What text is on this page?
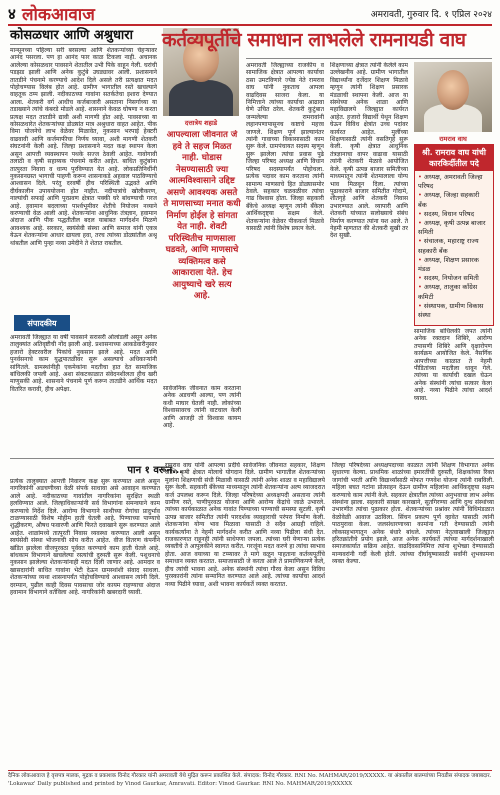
४ लोकआवाज	अमरावती, गुरुवार दि. १ एप्रिल २०२४
कोसळधार आणि अश्रुधारा
मान्सूनच्या पहिल्या सरी बरसल्या आणि शेतकऱ्यांच्या चेहऱ्यावर आनंद पसरला. पण हा आनंद फार काळ टिकला नाही. अचानक आलेल्या कोसळधार पावसाने शेतातील उभी पिके वाहून गेली. घरांची पडझड झाली आणि अनेक कुटुंबे उघड्यावर आली. प्रशासनाने तातडीने पंचनामे करण्याचे आदेश दिले असले तरी प्रत्यक्षात मदत पोहोचण्यास विलंब होत आहे. ग्रामीण भागातील रस्ते खचल्याने वाहतूक ठप्प झाली. नदीकाठच्या गावांना सतर्कतेचा इशारा देण्यात आला. शेतकरी वर्ग आधीच कर्जबाजारी असताना निसर्गाच्या या तडाख्याने त्यांचे कंबरडे मोडले आहे. शासनाने केवळ घोषणा न करता प्रत्यक्ष मदत तातडीने द्यावी अशी मागणी होत आहे. पावसाच्या या कोसळधारेत शेतकऱ्यांच्या डोळ्यांत मात्र अश्रुधारा वाहत आहेत. पीक विमा योजनेचे लाभ वेळेवर मिळावेत, नुकसान भरपाई हेक्टरी वाढवावी आणि कर्जमाफीचा निर्णय घ्यावा, अशी मागणी शेतकरी संघटनांनी केली आहे. जिल्हा प्रशासनाने मदत कक्ष स्थापन केला असून आपत्ती व्यवस्थापन पथके सज्ज ठेवली आहेत. गावोगावी तलाठी व कृषी सहाय्यक पंचनामे करीत आहेत. बाधित कुटुंबांना तात्पुरता निवारा व धान्य पुरविण्यात येत आहे. लोकप्रतिनिधींनी नुकसानग्रस्त भागाची पाहणी करून शासनाकडे अहवाल पाठविण्याचे आश्वासन दिले. परंतु दरवर्षी हीच परिस्थिती उद्भवते आणि दीर्घकालीन उपाययोजना होत नाहीत. नदीपात्रांचे खोलीकरण, नाल्यांची सफाई आणि पूरप्रवण क्षेत्रात पक्की घरे बांधण्याची गरज आहे. हवामान बदलाच्या पार्श्वभूमीवर शेतीचे नियोजन नव्याने करण्याची वेळ आली आहे. शेतकऱ्यांना आधुनिक तंत्रज्ञान, हवामान अंदाज आणि पीक पद्धतीतील बदल याबाबत मार्गदर्शन मिळणे आवश्यक आहे. सरकार, स्वयंसेवी संस्था आणि समाज यांनी एकत्र येऊन शेतकऱ्यांना आधार द्यायला हवा, तरच त्यांच्या डोळ्यांतील अश्रू थांबतील आणि पुन्हा नव्या उमेदीने ते शेतात राबतील.
संपादकीय
अमरावती जिल्ह्यात या वर्षी पावसाने सरासरी ओलांडली असून अनेक तालुक्यांत अतिवृष्टीची नोंद झाली आहे. प्रशासनाच्या आकडेवारीनुसार हजारो हेक्टरवरील पिकांचे नुकसान झाले आहे. मदत आणि पुनर्वसनाचे काम युद्धपातळीवर सुरू असल्याचे अधिकाऱ्यांनी सांगितले. ग्रामस्थांनीही एकमेकांना मदतीचा हात देत सामाजिक बांधिलकी जपली आहे. अशा संकटकाळात संवेदनशीलता हीच खरी माणुसकी आहे. शासनाने पंचनामे पूर्ण करून तातडीने आर्थिक मदत वितरित करावी, हीच अपेक्षा.
पान १ वरून...
प्रत्येक तालुक्यात आपत्ती निवारण कक्ष सुरू करण्यात आले असून नागरिकांनी अडचणीच्या वेळी संपर्क साधावा असे आवाहन करण्यात आले आहे. नदीकाठच्या गावांतील नागरिकांना सुरक्षित स्थळी हलविण्यात आले. जिल्हाधिकाऱ्यांनी सर्व विभागांना समन्वयाने काम करण्याचे निर्देश दिले. आरोग्य विभागाने साथीच्या रोगांचा प्रादुर्भाव टाळण्यासाठी विशेष मोहीम हाती घेतली आहे. पिण्याच्या पाण्याचे शुद्धीकरण, औषध फवारणी आणि फिरते दवाखाने सुरू करण्यात आले आहेत. शाळांमध्ये तात्पुरती निवास व्यवस्था करण्यात आली असून स्वयंसेवी संस्था भोजनाची सोय करीत आहेत. वीज वितरण कंपनीने खंडित झालेला वीजपुरवठा पूर्ववत करण्याचे काम हाती घेतले आहे. बांधकाम विभागाने खचलेल्या रस्त्यांची दुरुस्ती सुरू केली. पशुधनाचे नुकसान झालेल्या शेतकऱ्यांनाही मदत दिली जाणार आहे. आमदार व खासदारांनी बाधित गावांना भेटी देऊन ग्रामस्थांशी संवाद साधला. शेतकऱ्यांच्या व्यथा शासनापर्यंत पोहोचविण्याचे आश्वासन त्यांनी दिले. दरम्यान, पुढील काही दिवस पावसाचा जोर कायम राहण्याचा अंदाज हवामान विभागाने वर्तविला आहे. नागरिकांनी खबरदारी घ्यावी.
रामराव वाघ यांनी आपल्या प्रदीर्घ सार्वजनिक जीवनात सहकार, शिक्षण आणि कृषी क्षेत्रात मोलाचे योगदान दिले. ग्रामीण भागातील शेतकऱ्यांच्या मुलांना शिक्षणाची संधी मिळावी यासाठी त्यांनी अनेक शाळा व महाविद्यालये सुरू केली. सहकारी बँकेच्या माध्यमातून त्यांनी शेतकऱ्यांना अल्प व्याजदरात कर्ज उपलब्ध करून दिले. जिल्हा परिषदेच्या अध्यक्षपदी असताना त्यांनी ग्रामीण रस्ते, पाणीपुरवठा योजना आणि आरोग्य केंद्रांचे जाळे उभारले. त्यांच्या कार्यकाळात अनेक गावांत पिण्याच्या पाण्याची समस्या सुटली. कृषी उत्पन्न बाजार समितीत त्यांनी पारदर्शक व्यवहाराची परंपरा निर्माण केली. शेतकऱ्यांना योग्य भाव मिळावा यासाठी ते सदैव आग्रही राहिले. कार्यकर्त्यांना ते नेहमी मार्गदर्शन करीत आणि नव्या पिढीला संधी देत. राजकारणात राहूनही त्यांनी साधेपणा जपला. त्यांच्या घरी येणाऱ्या प्रत्येक व्यक्तीचे ते आपुलकीने स्वागत करीत. गरजूंना मदत करणे हा त्यांचा स्वभाव होता. आज वयाच्या या टप्प्यावर ते मागे वळून पाहताना कर्तव्यपूर्तीचे समाधान व्यक्त करतात. समाजासाठी जे करता आले ते प्रामाणिकपणे केले, हीच त्यांची भावना आहे. अनेक संस्थांनी त्यांचा गौरव केला असून विविध पुरस्कारांनी त्यांना सन्मानित करण्यात आले आहे. त्यांच्या कार्याचा आदर्श नव्या पिढीने घ्यावा, अशी भावना कार्यकर्ते व्यक्त करतात.
जिल्हा परिषदेच्या अध्यक्षपदाच्या काळात त्यांनी शिक्षण विभागात अनेक सुधारणा केल्या. प्राथमिक शाळांच्या इमारतींची दुरुस्ती, शिक्षकांच्या रिक्त जागांची भरती आणि विद्यार्थ्यांसाठी मोफत गणवेश योजना त्यांनी राबविली. महिला बचत गटांना प्रोत्साहन देऊन ग्रामीण महिलांना आर्थिकदृष्ट्या सक्षम करण्याचे काम त्यांनी केले. सहकार क्षेत्रातील त्यांच्या अनुभवाचा लाभ अनेक संस्थांना झाला. सहकारी साखर कारखाने, सूतगिरण्या आणि दुग्ध संस्थांच्या उभारणीत त्यांचा पुढाकार होता. शेतकऱ्यांच्या प्रश्नांवर त्यांनी विधिमंडळात वेळोवेळी आवाज उठविला. सिंचन प्रकल्प पूर्ण व्हावेत यासाठी त्यांनी पाठपुरावा केला. जलसंधारणाच्या कामांना गती देण्यासाठी त्यांनी लोकसहभागातून अनेक बंधारे बांधले. त्यांच्या नेतृत्वाखाली जिल्ह्यात हरितक्रांतीचे प्रयोग झाले. आज अनेक कार्यकर्ते त्यांच्या मार्गदर्शनाखाली समाजकार्यात सक्रिय आहेत. वाढदिवसानिमित्त त्यांना शुभेच्छा देण्यासाठी मान्यवरांनी गर्दी केली होती. त्यांच्या दीर्घायुष्यासाठी सर्वांनी शुभकामना व्यक्त केल्या.
दत्तात्रेय शहाडे
आपल्याला जीवनात जे हवे ते सहज मिळत नाही. घोडास नेसण्यासाठी ज्या आत्मविश्वासाने उद्दिष्ट असणे आवश्यक असते ते माणसाच्या मनात कधी निर्माण होईल हे सांगता येत नाही. शेवटी परिस्थितीच माणसाला घडवते, आणि माणसाचे व्यक्तिमत्व कसे आकाराला येते. हेच आयुष्याचे खरे सत्य आहे.
सार्वजनिक जीवनात काम करताना अनेक अडचणी आल्या, पण त्यांनी कधी माघार घेतली नाही. लोकांच्या विश्वासावरच त्यांनी वाटचाल केली आणि आजही तो विश्वास कायम आहे.
कर्तव्यपूर्तीचे समाधान लाभलेले रामनायडी वाघ
अमरावती जिल्ह्याच्या राजकीय व सामाजिक क्षेत्रात आपल्या कार्याचा ठसा उमटविणारे ज्येष्ठ नेते रामराव वाघ यांनी नुकताच आपला वाढदिवस साजरा केला. या निमित्ताने त्यांच्या कार्याचा आढावा घेणे उचित ठरेल. शेतकरी कुटुंबात जन्मलेल्या रामरावांनी लहानपणापासूनच कष्टाचे महत्त्व जाणले. शिक्षण पूर्ण झाल्यानंतर त्यांनी गावाच्या विकासासाठी काम सुरू केले. ग्रामपंचायत सदस्य म्हणून सुरू झालेला त्यांचा प्रवास पुढे जिल्हा परिषद अध्यक्ष आणि विधान परिषद सदस्यापर्यंत पोहोचला. प्रत्येक पदावर काम करताना त्यांनी सामान्य माणसाचे हित डोळ्यासमोर ठेवले. सहकार चळवळीवर त्यांचा गाढ विश्वास होता. जिल्हा सहकारी बँकेचे अध्यक्ष म्हणून त्यांनी बँकेला आर्थिकदृष्ट्या सक्षम केले. शेतकऱ्यांना वेळेवर पीककर्ज मिळावे यासाठी त्यांनी विशेष प्रयत्न केले.
शिक्षणाच्या क्षेत्रात त्यांनी केलेले काम उल्लेखनीय आहे. ग्रामीण भागातील विद्यार्थ्यांना दर्जेदार शिक्षण मिळावे म्हणून त्यांनी शिक्षण प्रसारक मंडळाची स्थापना केली. आज या संस्थेच्या अनेक शाळा आणि महाविद्यालये जिल्ह्यात कार्यरत आहेत. हजारो विद्यार्थी येथून शिक्षण घेऊन विविध क्षेत्रांत उच्च पदांवर कार्यरत आहेत. मुलींच्या शिक्षणासाठी त्यांनी वसतिगृहे सुरू केली. कृषी क्षेत्रात आधुनिक तंत्रज्ञानाचा वापर वाढावा यासाठी त्यांनी शेतकरी मेळावे आयोजित केले. कृषी उत्पन्न बाजार समितीच्या माध्यमातून त्यांनी शेतमालाला योग्य भाव मिळवून दिला. त्यांच्या पुढाकाराने बाजार समितीत गोदामे, शीतगृहे आणि शेतकरी निवास उभारण्यात आले. व्यापारी आणि शेतकरी यांच्यात सलोख्याचे संबंध निर्माण करण्यात त्यांना यश आले. ते नेहमी म्हणतात की शेतकरी सुखी तर देश सुखी.
रामराव वाघ
श्री. रामराव वाघ यांची कारकिर्दीतील पदे
• अध्यक्ष, अमरावती जिल्हा परिषद
• अध्यक्ष, जिल्हा सहकारी बँक
• सदस्य, विधान परिषद
• अध्यक्ष, कृषी उत्पन्न बाजार समिती
• संचालक, महाराष्ट्र राज्य सहकारी बँक
• अध्यक्ष, शिक्षण प्रसारक मंडळ
• सदस्य, नियोजन समिती
• अध्यक्ष, तालुका काँग्रेस कमिटी
• संस्थापक, ग्रामीण विकास संस्था
सामाजिक बांधिलकी जपत त्यांनी अनेक रक्तदान शिबिरे, आरोग्य तपासणी शिबिरे आणि वृक्षारोपण कार्यक्रम आयोजित केले. नैसर्गिक आपत्तीच्या काळात ते नेहमी पीडितांच्या मदतीला धावून गेले. त्यांच्या या कार्याची दखल घेऊन अनेक संस्थांनी त्यांचा सत्कार केला आहे. नव्या पिढीने त्यांचा आदर्श घ्यावा.
दैनिक लोकआवाज हे वृत्तपत्र मालक, मुद्रक व प्रकाशक विनोद गौरकार यांनी अमरावती येथे मुद्रित करून प्रकाशित केले. संपादक: विनोद गौरकार. RNI No. MAHMAR/2019/XXXXX. या अंकातील बातम्यांच्या निवडीस संपादक जबाबदार.
'Lokawaz' Daily published and printed by Vinod Gaurkar, Amravati. Editor: Vinod Gaurkar. RNI No. MAHMAR/2019/XXXXX
